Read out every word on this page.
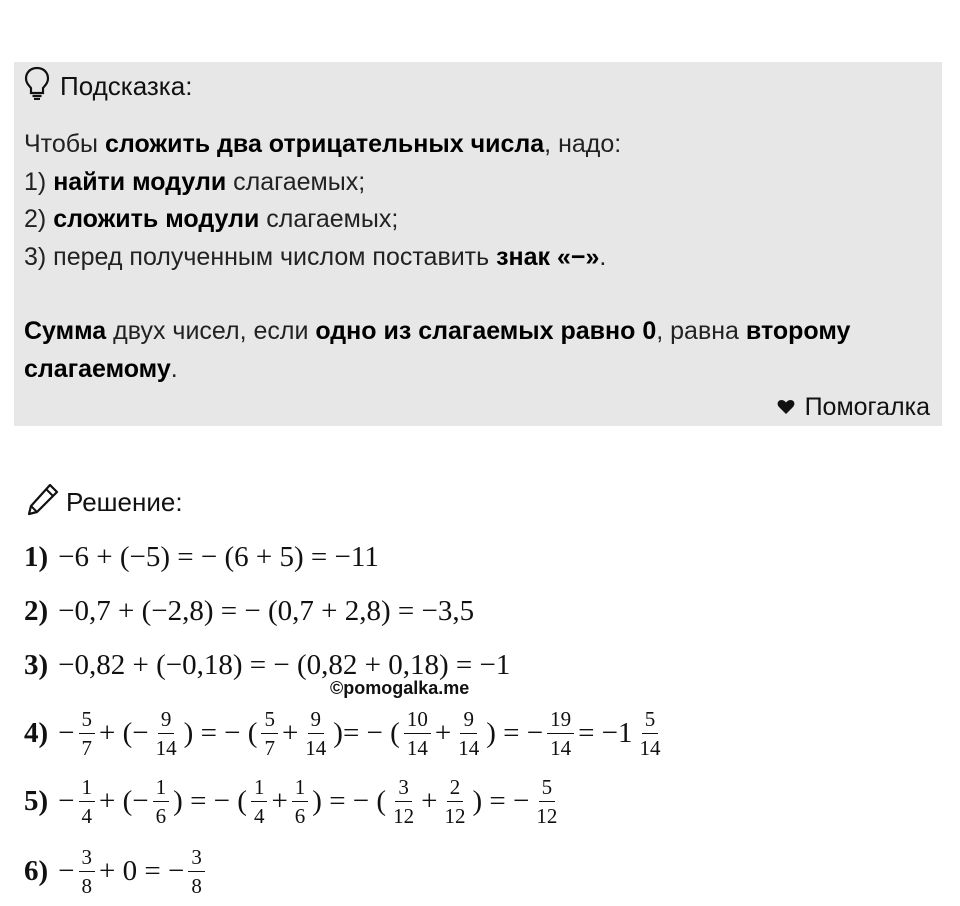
Подсказка:
Чтобы сложить два отрицательных числа, надо:
1) найти модули слагаемых;
2) сложить модули слагаемых;
3) перед полученным числом поставить знак «−».
Сумма двух чисел, если одно из слагаемых равно 0, равна второму
слагаемому.
Помогалка
Решение:
1) −6 + (−5) = − (6 + 5) = −11
2) −0,7 + (−2,8) = − (0,7 + 2,8) = −3,5
3) −0,82 + (−0,18) = − (0,82 + 0,18) = −1
©pomogalka.me
$4) - \frac{5}{7}$ + (− $\frac{9}{14}$ ) = − ( $\frac{5}{7} + \frac{9}{14}$ )= − ( $\frac{10}{14} + \frac{9}{14}$ ) = − $\frac{19}{14} = -1 \frac{5}{14}$
$5) - \frac{1}{4}$ + (− $\frac{1}{6}$ ) = − ( $\frac{1}{4} + \frac{1}{6}$ ) = − ( $\frac{3}{12} + \frac{2}{12}$ ) = − $\frac{5}{12}$
$6) - \frac{3}{8} + 0$ = − $\frac{3}{8}$
